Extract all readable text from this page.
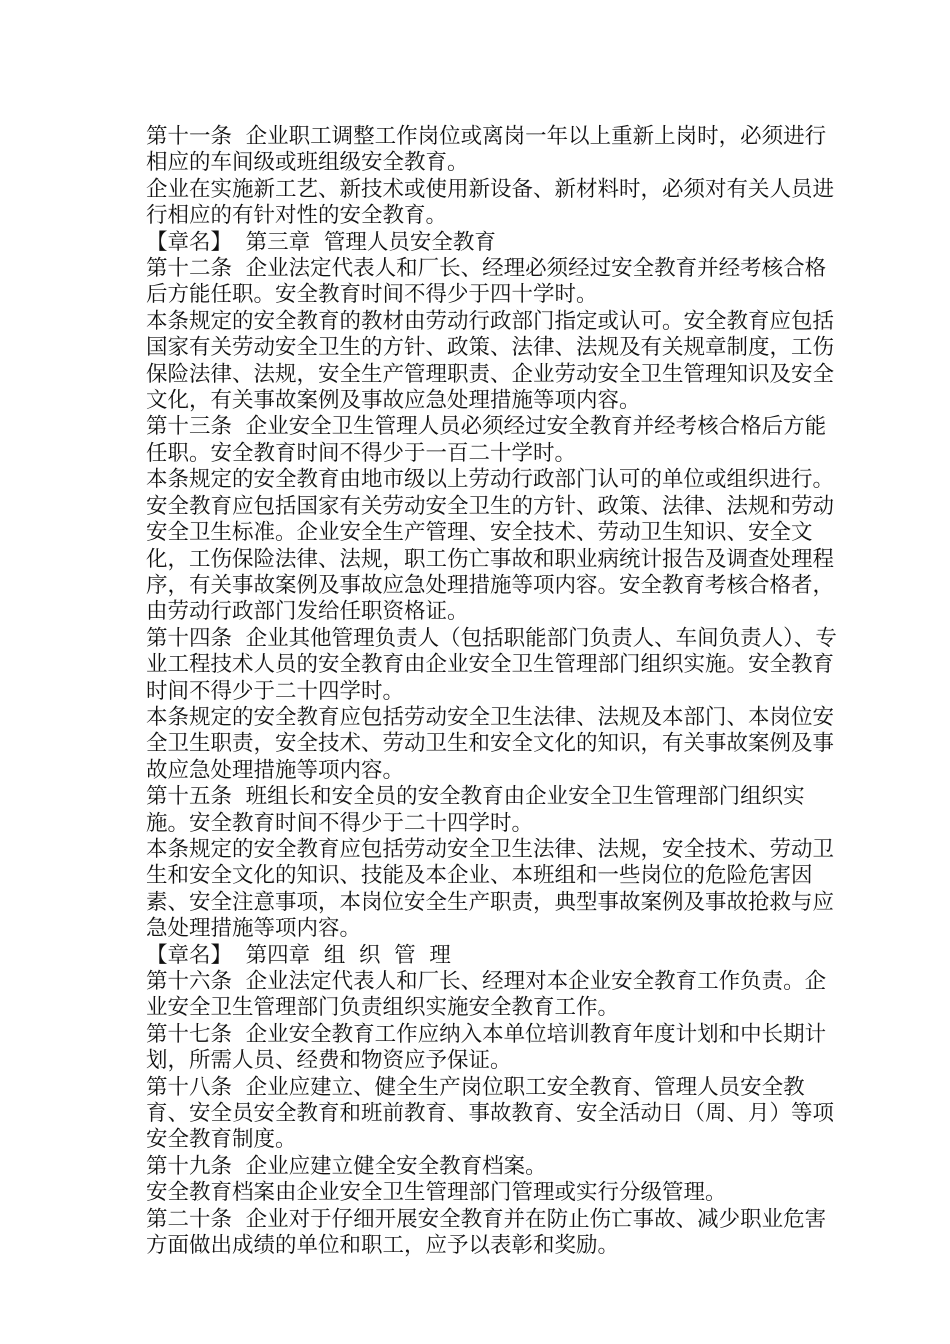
第十一条  企业职工调整工作岗位或离岗一年以上重新上岗时，必须进行相应的车间级或班组级安全教育。

企业在实施新工艺、新技术或使用新设备、新材料时，必须对有关人员进行相应的有针对性的安全教育。

【章名】  第三章  管理人员安全教育

第十二条  企业法定代表人和厂长、经理必须经过安全教育并经考核合格后方能任职。安全教育时间不得少于四十学时。

本条规定的安全教育的教材由劳动行政部门指定或认可。安全教育应包括国家有关劳动安全卫生的方针、政策、法律、法规及有关规章制度，工伤保险法律、法规，安全生产管理职责、企业劳动安全卫生管理知识及安全文化，有关事故案例及事故应急处理措施等项内容。

第十三条  企业安全卫生管理人员必须经过安全教育并经考核合格后方能任职。安全教育时间不得少于一百二十学时。

本条规定的安全教育由地市级以上劳动行政部门认可的单位或组织进行。安全教育应包括国家有关劳动安全卫生的方针、政策、法律、法规和劳动安全卫生标准。企业安全生产管理、安全技术、劳动卫生知识、安全文化，工伤保险法律、法规，职工伤亡事故和职业病统计报告及调查处理程序，有关事故案例及事故应急处理措施等项内容。安全教育考核合格者，由劳动行政部门发给任职资格证。

第十四条  企业其他管理负责人（包括职能部门负责人、车间负责人）、专业工程技术人员的安全教育由企业安全卫生管理部门组织实施。安全教育时间不得少于二十四学时。

本条规定的安全教育应包括劳动安全卫生法律、法规及本部门、本岗位安全卫生职责，安全技术、劳动卫生和安全文化的知识，有关事故案例及事故应急处理措施等项内容。

第十五条  班组长和安全员的安全教育由企业安全卫生管理部门组织实施。安全教育时间不得少于二十四学时。

本条规定的安全教育应包括劳动安全卫生法律、法规，安全技术、劳动卫生和安全文化的知识、技能及本企业、本班组和一些岗位的危险危害因素、安全注意事项，本岗位安全生产职责，典型事故案例及事故抢救与应急处理措施等项内容。

【章名】  第四章  组  织  管  理

第十六条  企业法定代表人和厂长、经理对本企业安全教育工作负责。企业安全卫生管理部门负责组织实施安全教育工作。

第十七条  企业安全教育工作应纳入本单位培训教育年度计划和中长期计划，所需人员、经费和物资应予保证。

第十八条  企业应建立、健全生产岗位职工安全教育、管理人员安全教育、安全员安全教育和班前教育、事故教育、安全活动日（周、月）等项安全教育制度。

第十九条  企业应建立健全安全教育档案。

安全教育档案由企业安全卫生管理部门管理或实行分级管理。

第二十条  企业对于仔细开展安全教育并在防止伤亡事故、减少职业危害方面做出成绩的单位和职工，应予以表彰和奖励。
